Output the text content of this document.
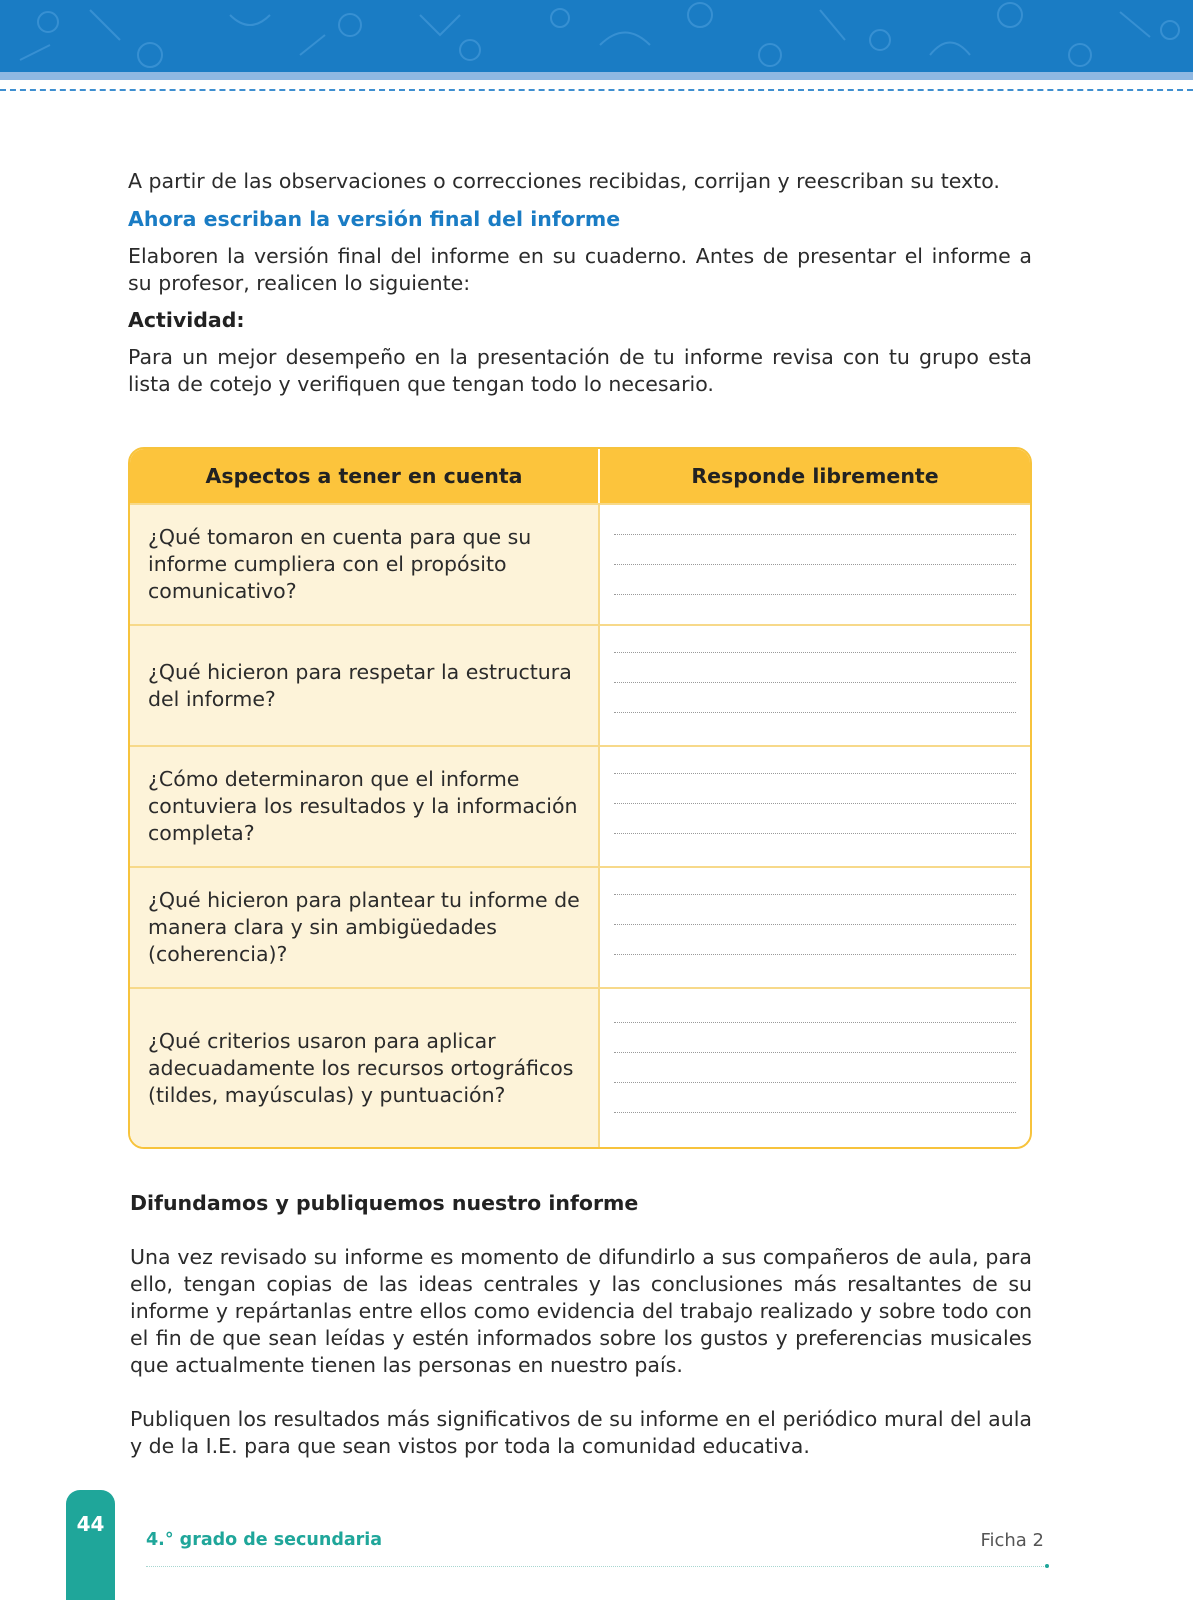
A partir de las observaciones o correcciones recibidas, corrijan y reescriban su texto.

Ahora escriban la versión final del informe

Elaboren la versión final del informe en su cuaderno. Antes de presentar el informe a su profesor, realicen lo siguiente:

Actividad:

Para un mejor desempeño en la presentación de tu informe revisa con tu grupo esta lista de cotejo y verifiquen que tengan todo lo necesario.

Aspectos a tener en cuenta	Responde libremente
¿Qué tomaron en cuenta para que su informe cumpliera con el propósito comunicativo?
¿Qué hicieron para respetar la estructura del informe?
¿Cómo determinaron que el informe contuviera los resultados y la información completa?
¿Qué hicieron para plantear tu informe de manera clara y sin ambigüedades (coherencia)?
¿Qué criterios usaron para aplicar adecuadamente los recursos ortográficos (tildes, mayúsculas) y puntuación?

Difundamos y publiquemos nuestro informe

Una vez revisado su informe es momento de difundirlo a sus compañeros de aula, para ello, tengan copias de las ideas centrales y las conclusiones más resaltantes de su informe y repártanlas entre ellos como evidencia del trabajo realizado y sobre todo con el fin de que sean leídas y estén informados sobre los gustos y preferencias musicales que actualmente tienen las personas en nuestro país.

Publiquen los resultados más significativos de su informe en el periódico mural del aula y de la I.E. para que sean vistos por toda la comunidad educativa.

44
4.° grado de secundaria	Ficha 2
